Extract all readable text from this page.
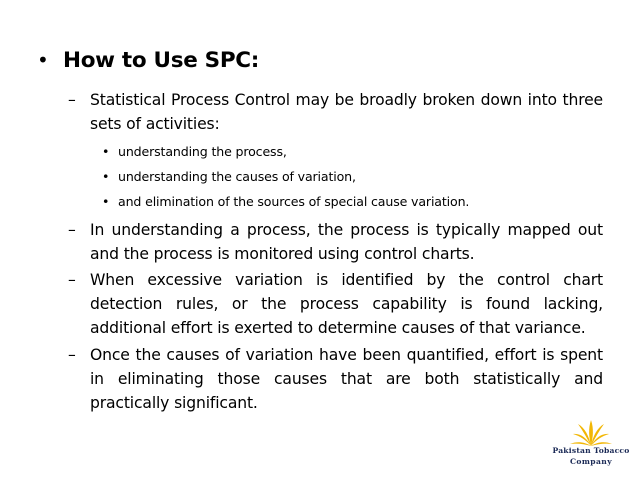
• How to Use SPC:
– Statistical Process Control may be broadly broken down into three sets of activities:
• understanding the process,
• understanding the causes of variation,
• and elimination of the sources of special cause variation.
– In understanding a process, the process is typically mapped out and the process is monitored using control charts.
– When excessive variation is identified by the control chart detection rules, or the process capability is found lacking, additional effort is exerted to determine causes of that variance.
– Once the causes of variation have been quantified, effort is spent in eliminating those causes that are both statistically and practically significant.
Pakistan Tobacco
Company
